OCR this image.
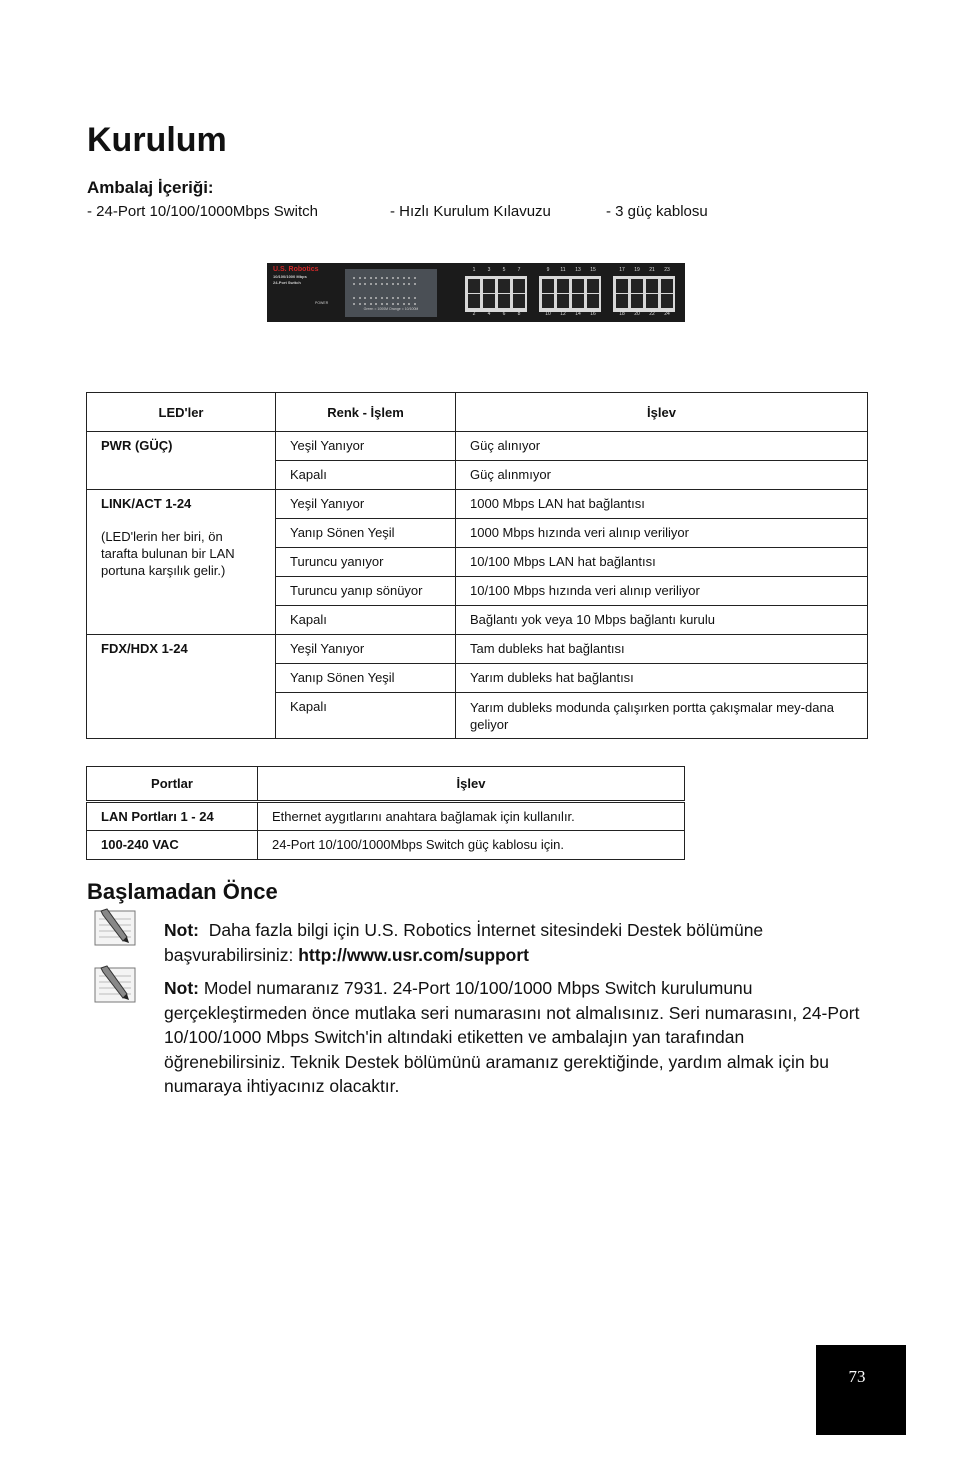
Kurulum
Ambalaj İçeriği:
- 24-Port 10/100/1000Mbps Switch	- Hızlı Kurulum Kılavuzu	- 3 güç kablosu
U.S. Robotics
10/100/1000 Mbps
24-Port Switch
POWER
Green = 1000M Orange = 10/100M
1
2
3
4
5
6
7
8
9
10
11
12
13
14
15
16
17
18
19
20
21
22
23
24
LED'ler	Renk - İşlem	İşlev
PWR (GÜÇ)	Yeşil Yanıyor	Güç alınıyor
	Kapalı	Güç alınmıyor

LINK/ACT 1-24
(LED'lerin her biri, ön tarafta bulunan bir LAN portuna karşılık gelir.)	Yeşil Yanıyor	1000 Mbps LAN hat bağlantısı
	Yanıp Sönen Yeşil	1000 Mbps hızında veri alınıp veriliyor
	Turuncu yanıyor	10/100 Mbps LAN hat bağlantısı
	Turuncu yanıp sönüyor	10/100 Mbps hızında veri alınıp veriliyor
	Kapalı	Bağlantı yok veya 10 Mbps bağlantı kurulu
FDX/HDX 1-24	Yeşil Yanıyor	Tam dubleks hat bağlantısı
	Yanıp Sönen Yeşil	Yarım dubleks hat bağlantısı
	Kapalı	Yarım dubleks modunda çalışırken portta çakışmalar mey-dana geliyor
Portlar	İşlev
LAN Portları 1 - 24	Ethernet aygıtlarını anahtara bağlamak için kullanılır.
100-240 VAC	24-Port 10/100/1000Mbps Switch güç kablosu için.
Başlamadan Önce
Not: Daha fazla bilgi için U.S. Robotics İnternet sitesindeki Destek bölümüne başvurabilirsiniz: http://www.usr.com/support
Not: Model numaranız 7931. 24-Port 10/100/1000 Mbps Switch kurulumunu gerçekleştirmeden önce mutlaka seri numarasını not almalısınız. Seri numarasını, 24-Port 10/100/1000 Mbps Switch'in altındaki etiketten ve ambalajın yan tarafından öğrenebilirsiniz. Teknik Destek bölümünü aramanız gerektiğinde, yardım almak için bu numaraya ihtiyacınız olacaktır.
73
